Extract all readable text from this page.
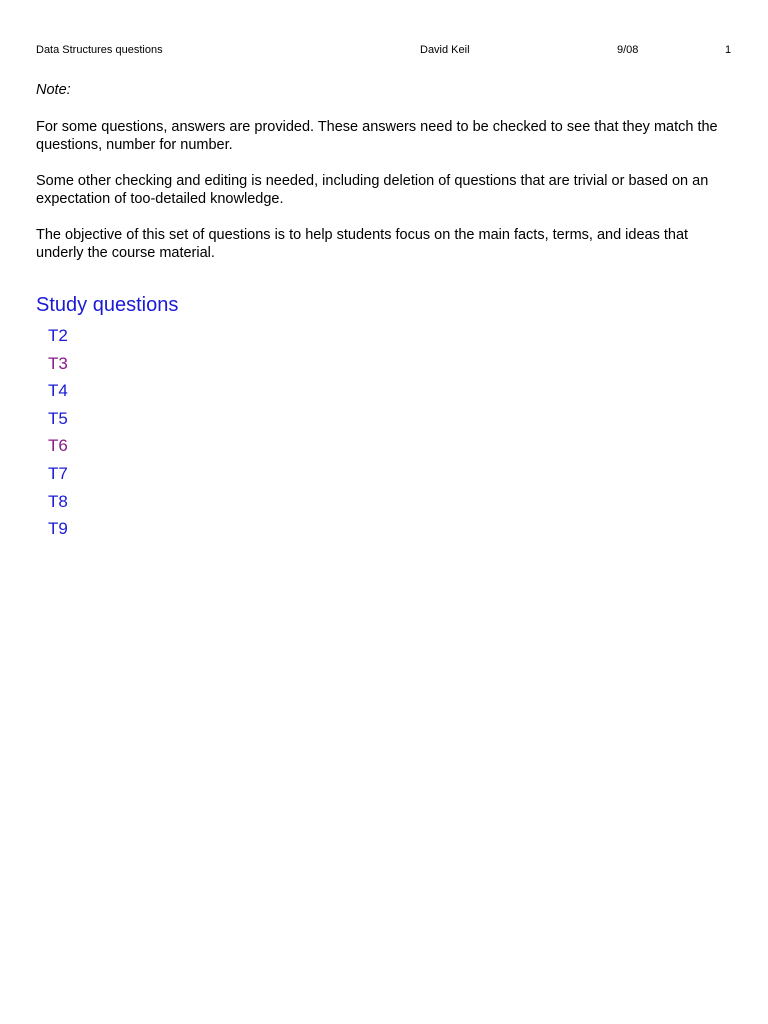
Data Structures questions	David Keil	9/08	1
Note:

For some questions, answers are provided. These answers need to be checked to see that they match the questions, number for number.

Some other checking and editing is needed, including deletion of questions that are trivial or based on an expectation of too-detailed knowledge.

The objective of this set of questions is to help students focus on the main facts, terms, and ideas that underly the course material.

Study questions
T2
T3
T4
T5
T6
T7
T8
T9
